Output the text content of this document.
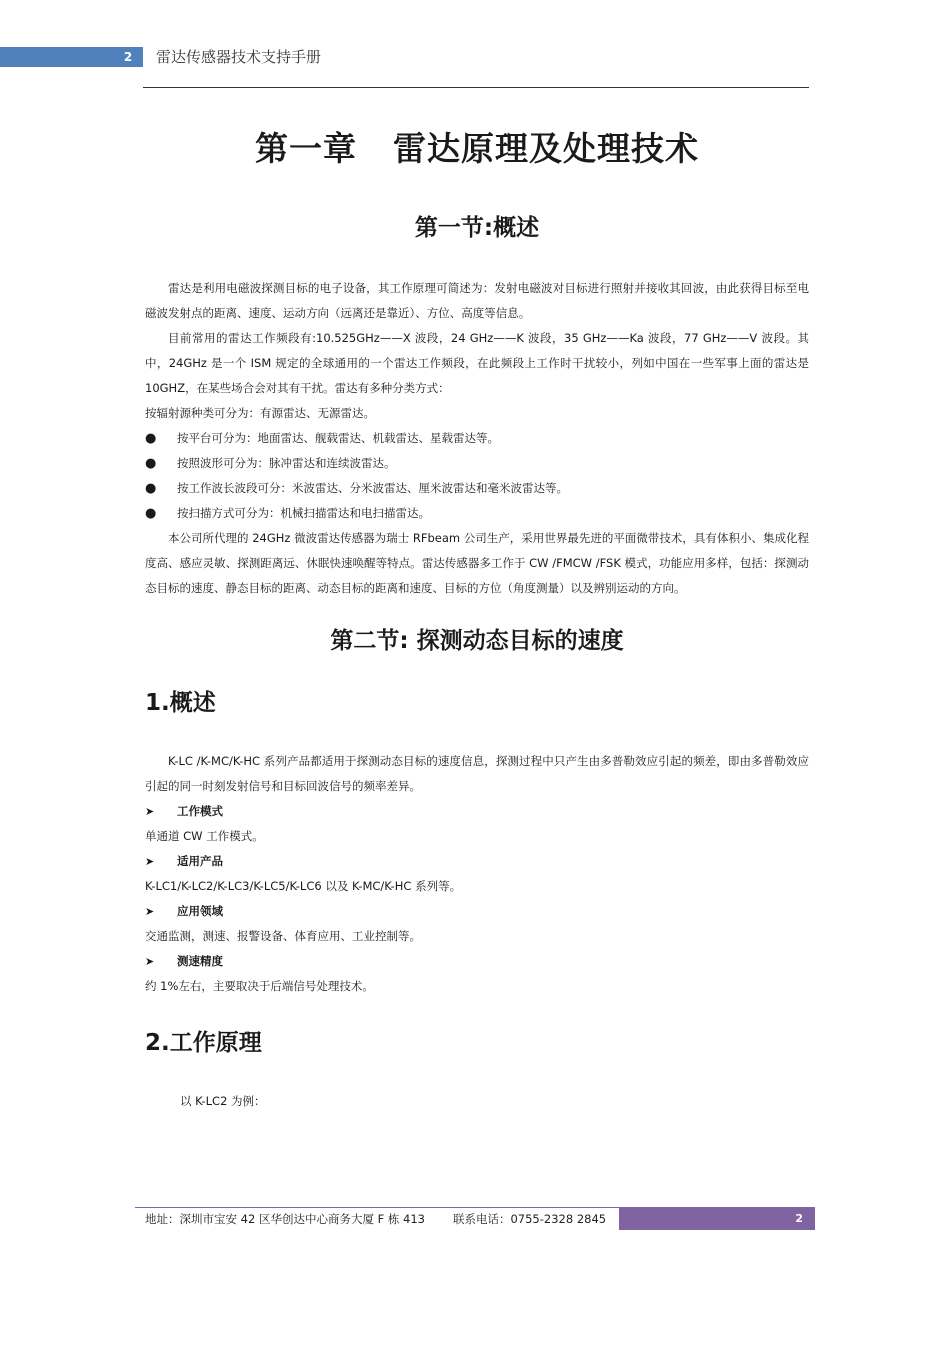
2	雷达传感器技术支持手册
第一章 雷达原理及处理技术
第一节:概述

雷达是利用电磁波探测目标的电子设备，其工作原理可简述为：发射电磁波对目标进行照射并接收其回波，由此获得目标至电磁波发射点的距离、速度、运动方向（远离还是靠近）、方位、高度等信息。

目前常用的雷达工作频段有:10.525GHz——X 波段，24 GHz——K 波段，35 GHz——Ka 波段，77 GHz——V 波段。其中，24GHz 是一个 ISM 规定的全球通用的一个雷达工作频段，在此频段上工作时干扰较小，列如中国在一些军事上面的雷达是 10GHZ，在某些场合会对其有干扰。雷达有多种分类方式：

按辐射源种类可分为：有源雷达、无源雷达。

● 按平台可分为：地面雷达、舰载雷达、机载雷达、星载雷达等。

● 按照波形可分为：脉冲雷达和连续波雷达。

● 按工作波长波段可分：米波雷达、分米波雷达、厘米波雷达和毫米波雷达等。

● 按扫描方式可分为：机械扫描雷达和电扫描雷达。

本公司所代理的 24GHz 微波雷达传感器为瑞士 RFbeam 公司生产，采用世界最先进的平面微带技术，具有体积小、集成化程度高、感应灵敏、探测距离远、休眠快速唤醒等特点。雷达传感器多工作于 CW /FMCW /FSK 模式，功能应用多样，包括：探测动态目标的速度、静态目标的距离、动态目标的距离和速度、目标的方位（角度测量）以及辨别运动的方向。

第二节: 探测动态目标的速度
1.概述

K-LC /K-MC/K-HC 系列产品都适用于探测动态目标的速度信息，探测过程中只产生由多普勒效应引起的频差，即由多普勒效应引起的同一时刻发射信号和目标回波信号的频率差异。

➤ 工作模式

单通道 CW 工作模式。

➤ 适用产品

K-LC1/K-LC2/K-LC3/K-LC5/K-LC6 以及 K-MC/K-HC 系列等。

➤ 应用领域

交通监测，测速、报警设备、体育应用、工业控制等。

➤ 测速精度

约 1%左右，主要取决于后端信号处理技术。

2.工作原理

以 K-LC2 为例：

地址：深圳市宝安 42 区华创达中心商务大厦 F 栋 413 联系电话：0755-2328 2845	2
